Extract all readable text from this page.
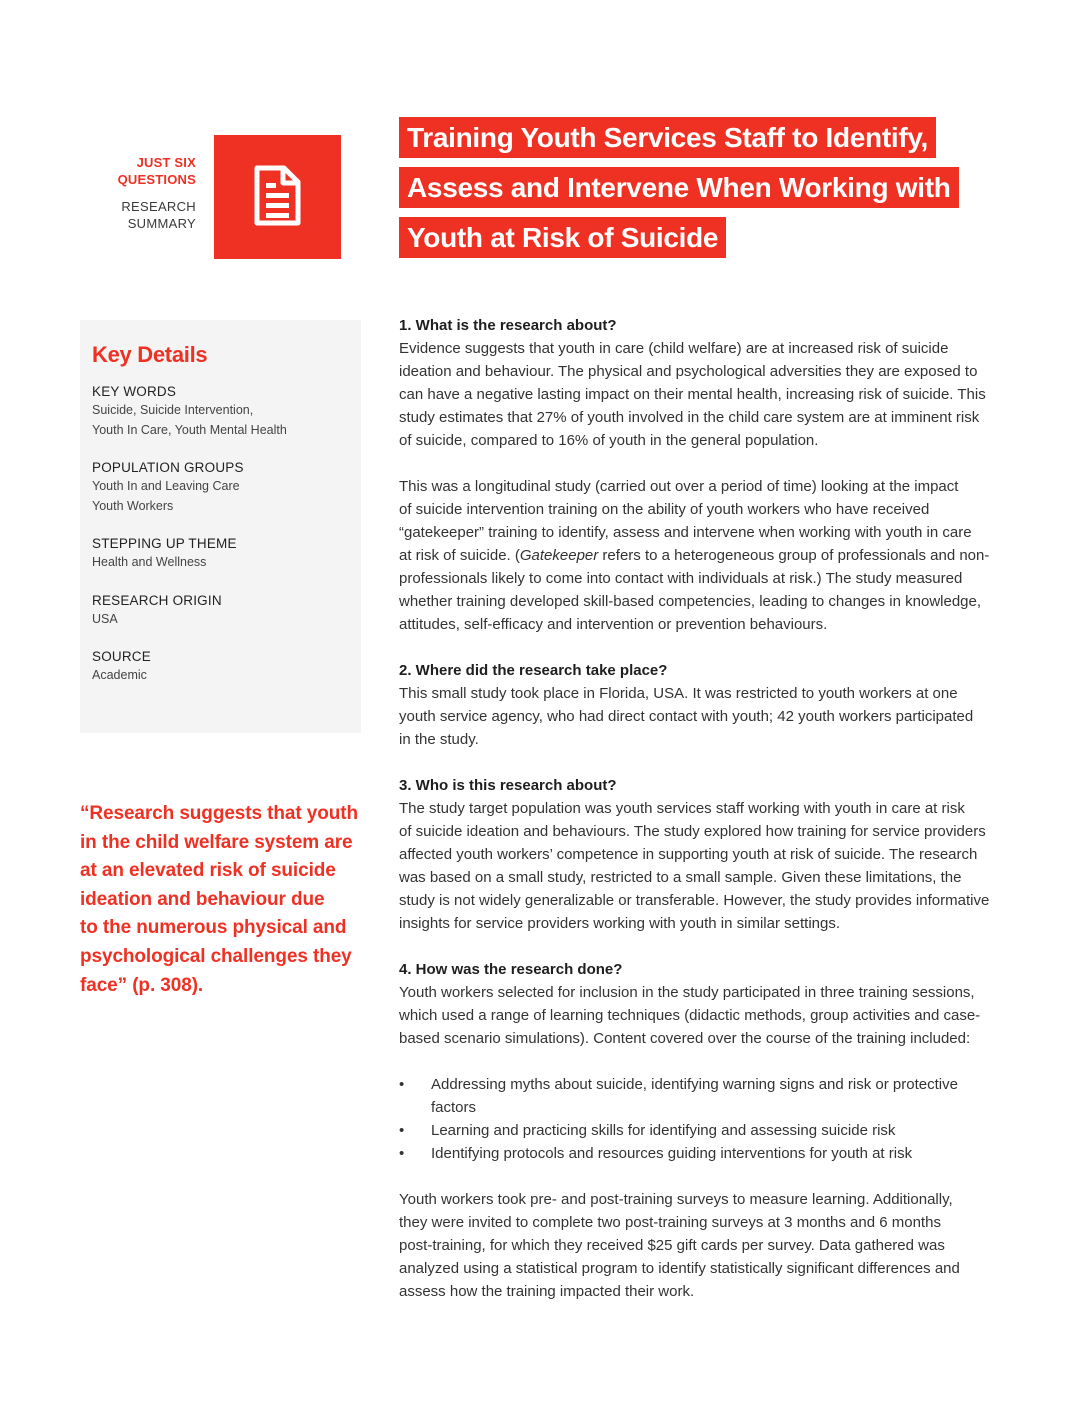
JUST SIX
QUESTIONS
RESEARCH
SUMMARY
Training Youth Services Staff to Identify,
Assess and Intervene When Working with
Youth at Risk of Suicide
Key Details
KEY WORDS
Suicide, Suicide Intervention,
Youth In Care, Youth Mental Health
POPULATION GROUPS
Youth In and Leaving Care
Youth Workers
STEPPING UP THEME
Health and Wellness
RESEARCH ORIGIN
USA
SOURCE
Academic
“Research suggests that youth
in the child welfare system are
at an elevated risk of suicide
ideation and behaviour due
to the numerous physical and
psychological challenges they
face” (p. 308).
1. What is the research about?
Evidence suggests that youth in care (child welfare) are at increased risk of suicide
ideation and behaviour. The physical and psychological adversities they are exposed to
can have a negative lasting impact on their mental health, increasing risk of suicide. This
study estimates that 27% of youth involved in the child care system are at imminent risk
of suicide, compared to 16% of youth in the general population.
This was a longitudinal study (carried out over a period of time) looking at the impact
of suicide intervention training on the ability of youth workers who have received
“gatekeeper” training to identify, assess and intervene when working with youth in care
at risk of suicide. (Gatekeeper refers to a heterogeneous group of professionals and non-
professionals likely to come into contact with individuals at risk.) The study measured
whether training developed skill-based competencies, leading to changes in knowledge,
attitudes, self-efficacy and intervention or prevention behaviours.
2. Where did the research take place?
This small study took place in Florida, USA. It was restricted to youth workers at one
youth service agency, who had direct contact with youth; 42 youth workers participated
in the study.
3. Who is this research about?
The study target population was youth services staff working with youth in care at risk
of suicide ideation and behaviours. The study explored how training for service providers
affected youth workers’ competence in supporting youth at risk of suicide. The research
was based on a small study, restricted to a small sample. Given these limitations, the
study is not widely generalizable or transferable. However, the study provides informative
insights for service providers working with youth in similar settings.
4. How was the research done?
Youth workers selected for inclusion in the study participated in three training sessions,
which used a range of learning techniques (didactic methods, group activities and case-
based scenario simulations). Content covered over the course of the training included:
• Addressing myths about suicide, identifying warning signs and risk or protective
factors
• Learning and practicing skills for identifying and assessing suicide risk
• Identifying protocols and resources guiding interventions for youth at risk
Youth workers took pre- and post-training surveys to measure learning. Additionally,
they were invited to complete two post-training surveys at 3 months and 6 months
post-training, for which they received $25 gift cards per survey. Data gathered was
analyzed using a statistical program to identify statistically significant differences and
assess how the training impacted their work.
